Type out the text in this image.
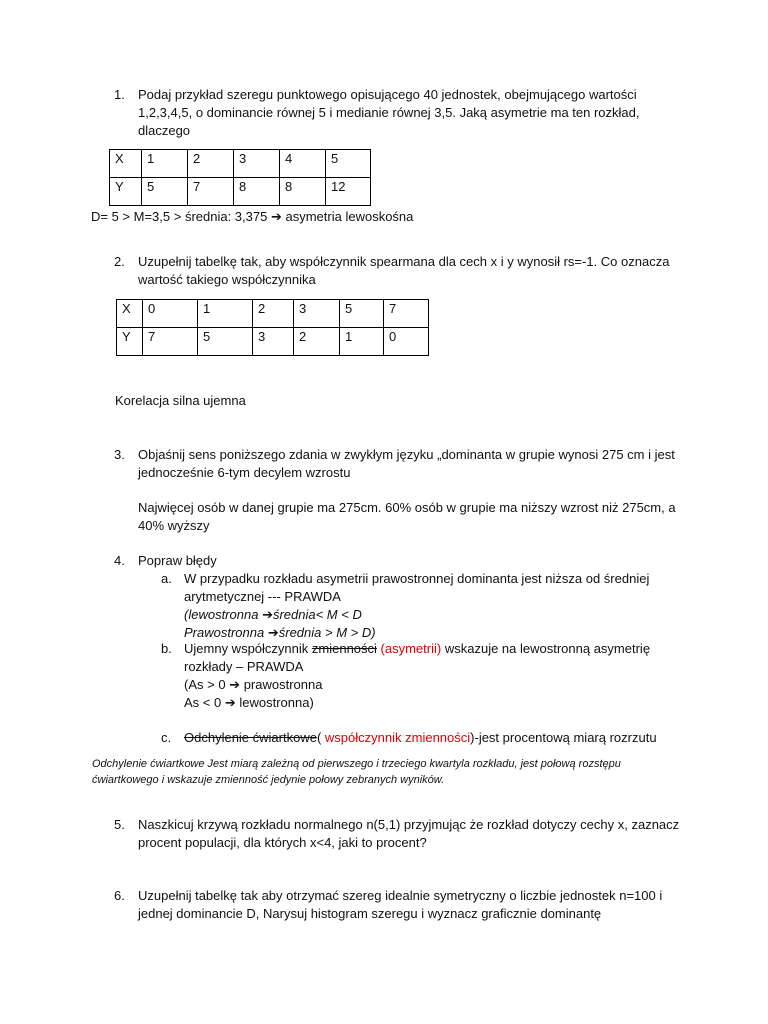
1. Podaj przykład szeregu punktowego opisującego 40 jednostek, obejmującego wartości
1,2,3,4,5, o dominancie równej 5 i medianie równej 3,5. Jaką asymetrie ma ten rozkład,
dlaczego
X	1	2	3	4	5
Y	5	7	8	8	12
D= 5 > M=3,5 > średnia: 3,375 ➔ asymetria lewoskośna
2. Uzupełnij tabelkę tak, aby współczynnik spearmana dla cech x i y wynosił rs=-1. Co oznacza
wartość takiego współczynnika
X	0	1	2	3	5	7
Y	7	5	3	2	1	0
Korelacja silna ujemna
3. Objaśnij sens poniższego zdania w zwykłym języku „dominanta w grupie wynosi 275 cm i jest
jednocześnie 6-tym decylem wzrostu
Najwięcej osób w danej grupie ma 275cm. 60% osób w grupie ma niższy wzrost niż 275cm, a
40% wyższy
4. Popraw błędy
a. W przypadku rozkładu asymetrii prawostronnej dominanta jest niższa od średniej
arytmetycznej --- PRAWDA
(lewostronna ➔średnia< M < D
Prawostronna ➔średnia > M > D)
b. Ujemny współczynnik zmienności (asymetrii) wskazuje na lewostronną asymetrię
rozkłady – PRAWDA
(As > 0 ➔ prawostronna
As < 0 ➔ lewostronna)
c. Odchylenie ćwiartkowe( współczynnik zmienności)-jest procentową miarą rozrzutu
Odchylenie ćwiartkowe Jest miarą zależną od pierwszego i trzeciego kwartyla rozkładu, jest połową rozstępu
ćwiartkowego i wskazuje zmienność jedynie połowy zebranych wyników.
5. Naszkicuj krzywą rozkładu normalnego n(5,1) przyjmując że rozkład dotyczy cechy x, zaznacz
procent populacji, dla których x<4, jaki to procent?
6. Uzupełnij tabelkę tak aby otrzymać szereg idealnie symetryczny o liczbie jednostek n=100 i
jednej dominancie D, Narysuj histogram szeregu i wyznacz graficznie dominantę
